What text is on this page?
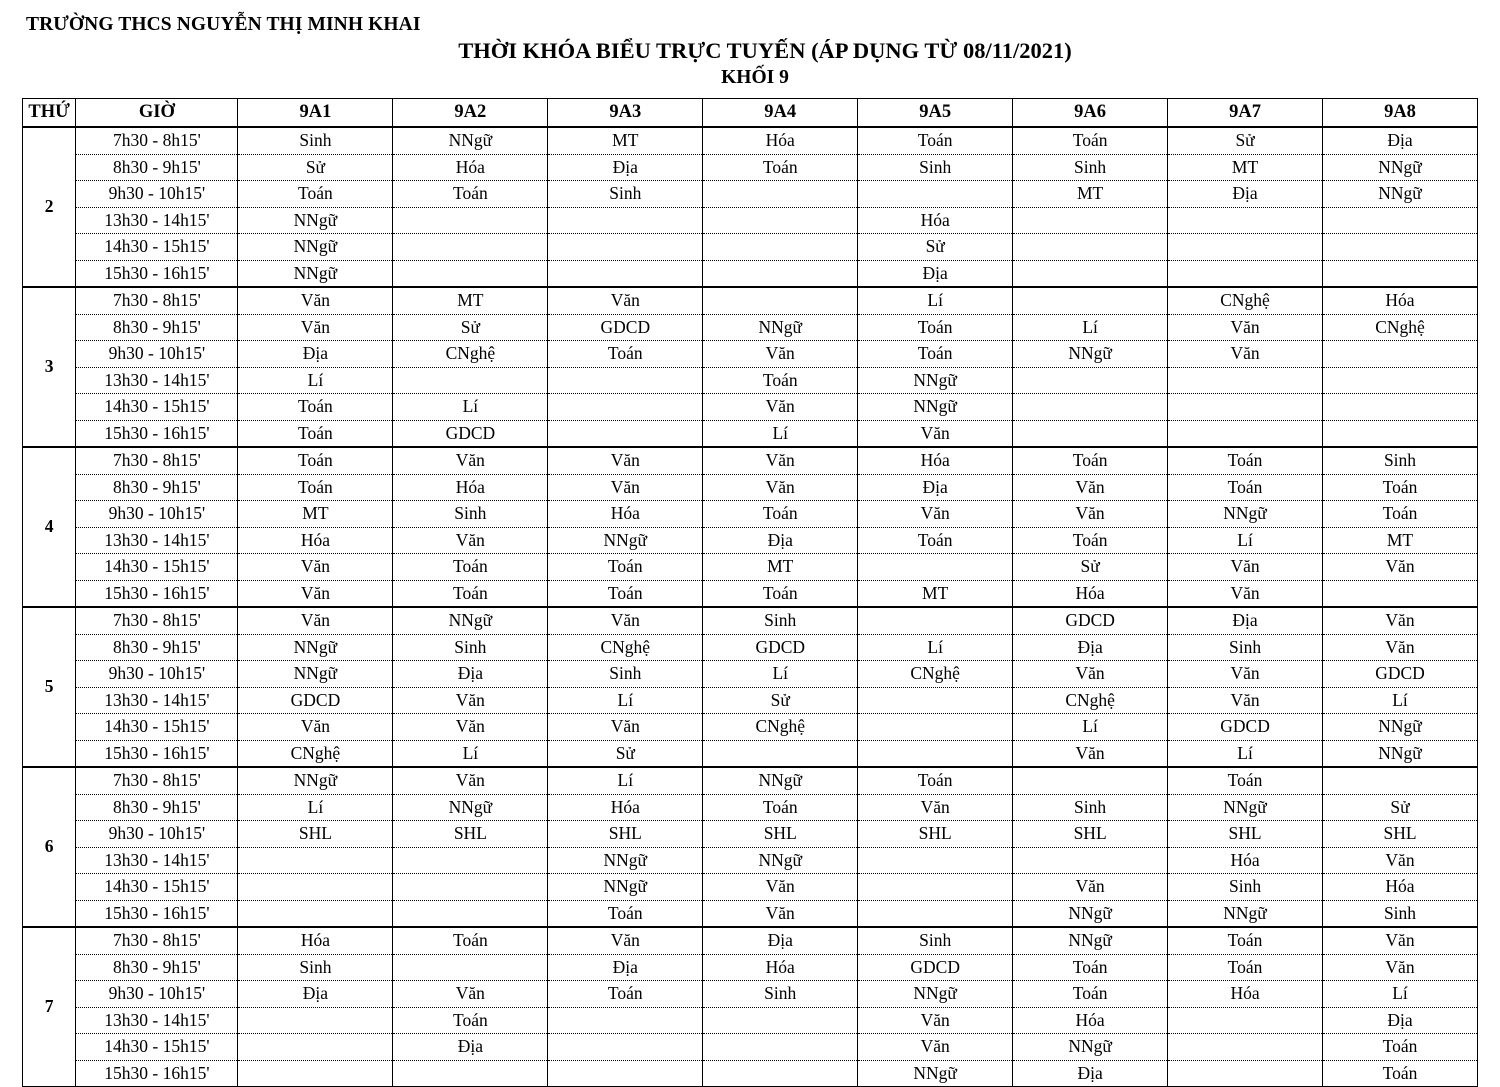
TRƯỜNG THCS NGUYỄN THỊ MINH KHAI
THỜI KHÓA BIỂU TRỰC TUYẾN (ÁP DỤNG TỪ 08/11/2021)
KHỐI 9
THỨ	GIỜ	9A1	9A2	9A3	9A4	9A5	9A6	9A7	9A8
2	7h30 - 8h15'	Sinh	NNgữ	MT	Hóa	Toán	Toán	Sử	Địa
	8h30 - 9h15'	Sử	Hóa	Địa	Toán	Sinh	Sinh	MT	NNgữ
	9h30 - 10h15'	Toán	Toán	Sinh			MT	Địa	NNgữ
	13h30 - 14h15'	NNgữ				Hóa			
	14h30 - 15h15'	NNgữ				Sử			
	15h30 - 16h15'	NNgữ				Địa			
3	7h30 - 8h15'	Văn	MT	Văn		Lí		CNghệ	Hóa
	8h30 - 9h15'	Văn	Sử	GDCD	NNgữ	Toán	Lí	Văn	CNghệ
	9h30 - 10h15'	Địa	CNghệ	Toán	Văn	Toán	NNgữ	Văn	
	13h30 - 14h15'	Lí			Toán	NNgữ			
	14h30 - 15h15'	Toán	Lí		Văn	NNgữ			
	15h30 - 16h15'	Toán	GDCD		Lí	Văn			
4	7h30 - 8h15'	Toán	Văn	Văn	Văn	Hóa	Toán	Toán	Sinh
	8h30 - 9h15'	Toán	Hóa	Văn	Văn	Địa	Văn	Toán	Toán
	9h30 - 10h15'	MT	Sinh	Hóa	Toán	Văn	Văn	NNgữ	Toán
	13h30 - 14h15'	Hóa	Văn	NNgữ	Địa	Toán	Toán	Lí	MT
	14h30 - 15h15'	Văn	Toán	Toán	MT		Sử	Văn	Văn
	15h30 - 16h15'	Văn	Toán	Toán	Toán	MT	Hóa	Văn	
5	7h30 - 8h15'	Văn	NNgữ	Văn	Sinh		GDCD	Địa	Văn
	8h30 - 9h15'	NNgữ	Sinh	CNghệ	GDCD	Lí	Địa	Sinh	Văn
	9h30 - 10h15'	NNgữ	Địa	Sinh	Lí	CNghệ	Văn	Văn	GDCD
	13h30 - 14h15'	GDCD	Văn	Lí	Sử		CNghệ	Văn	Lí
	14h30 - 15h15'	Văn	Văn	Văn	CNghệ		Lí	GDCD	NNgữ
	15h30 - 16h15'	CNghệ	Lí	Sử			Văn	Lí	NNgữ
6	7h30 - 8h15'	NNgữ	Văn	Lí	NNgữ	Toán		Toán	
	8h30 - 9h15'	Lí	NNgữ	Hóa	Toán	Văn	Sinh	NNgữ	Sử
	9h30 - 10h15'	SHL	SHL	SHL	SHL	SHL	SHL	SHL	SHL
	13h30 - 14h15'			NNgữ	NNgữ			Hóa	Văn
	14h30 - 15h15'			NNgữ	Văn		Văn	Sinh	Hóa
	15h30 - 16h15'			Toán	Văn		NNgữ	NNgữ	Sinh
7	7h30 - 8h15'	Hóa	Toán	Văn	Địa	Sinh	NNgữ	Toán	Văn
	8h30 - 9h15'	Sinh		Địa	Hóa	GDCD	Toán	Toán	Văn
	9h30 - 10h15'	Địa	Văn	Toán	Sinh	NNgữ	Toán	Hóa	Lí
	13h30 - 14h15'		Toán			Văn	Hóa		Địa
	14h30 - 15h15'		Địa			Văn	NNgữ		Toán
	15h30 - 16h15'					NNgữ	Địa		Toán
